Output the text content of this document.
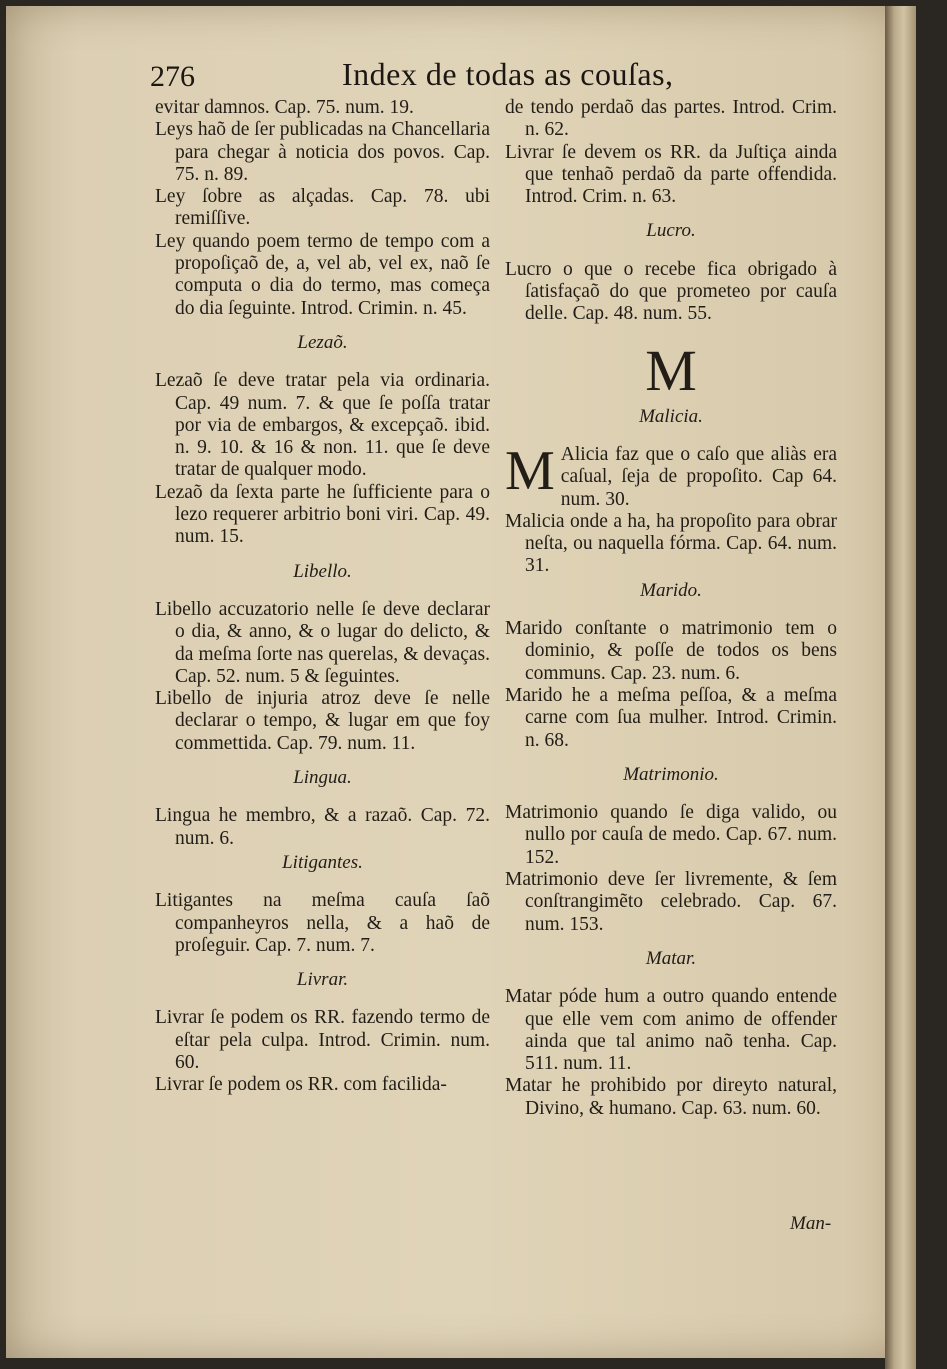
276	Index de todas as couſas,

evitar damnos. Cap. 75. num. 19.

Leys haõ de ſer publicadas na Chancellaria para chegar à noticia dos povos. Cap. 75. n. 89.

Ley ſobre as alçadas. Cap. 78. ubi remiſſive.

Ley quando poem termo de tempo com a propoſiçaõ de, a, vel ab, vel ex, naõ ſe computa o dia do termo, mas começa do dia ſeguinte. Introd. Crimin. n. 45.

Lezaõ.

Lezaõ ſe deve tratar pela via ordinaria. Cap. 49 num. 7. & que ſe poſſa tratar por via de embargos, & excepçaõ. ibid. n. 9. 10. & 16 & non. 11. que ſe deve tratar de qualquer modo.

Lezaõ da ſexta parte he ſufficiente para o lezo requerer arbitrio boni viri. Cap. 49. num. 15.

Libello.

Libello accuzatorio nelle ſe deve declarar o dia, & anno, & o lugar do delicto, & da meſma ſorte nas querelas, & devaças. Cap. 52. num. 5 & ſeguintes.

Libello de injuria atroz deve ſe nelle declarar o tempo, & lugar em que foy commettida. Cap. 79. num. 11.

Lingua.

Lingua he membro, & a razaõ. Cap. 72. num. 6.

Litigantes.

Litigantes na meſma cauſa ſaõ companheyros nella, & a haõ de proſeguir. Cap. 7. num. 7.

Livrar.

Livrar ſe podem os RR. fazendo termo de eſtar pela culpa. Introd. Crimin. num. 60.

Livrar ſe podem os RR. com facilida-

de tendo perdaõ das partes. Introd. Crim. n. 62.

Livrar ſe devem os RR. da Juſtiça ainda que tenhaõ perdaõ da parte offendida. Introd. Crim. n. 63.

Lucro.

Lucro o que o recebe fica obrigado à ſatisfaçaõ do que prometeo por cauſa delle. Cap. 48. num. 55.

M
Malicia.
M Alicia faz que o caſo que aliàs era caſual, ſeja de propoſito. Cap 64. num. 30.

Malicia onde a ha, ha propoſito para obrar neſta, ou naquella fórma. Cap. 64. num. 31.

Marido.

Marido conſtante o matrimonio tem o dominio, & poſſe de todos os bens communs. Cap. 23. num. 6.

Marido he a meſma peſſoa, & a meſma carne com ſua mulher. Introd. Crimin. n. 68.

Matrimonio.

Matrimonio quando ſe diga valido, ou nullo por cauſa de medo. Cap. 67. num. 152.

Matrimonio deve ſer livremente, & ſem conſtrangimẽto celebrado. Cap. 67. num. 153.

Matar.

Matar póde hum a outro quando entende que elle vem com animo de offender ainda que tal animo naõ tenha. Cap. 511. num. 11.

Matar he prohibido por direyto natural, Divino, & humano. Cap. 63. num. 60.

Man-
